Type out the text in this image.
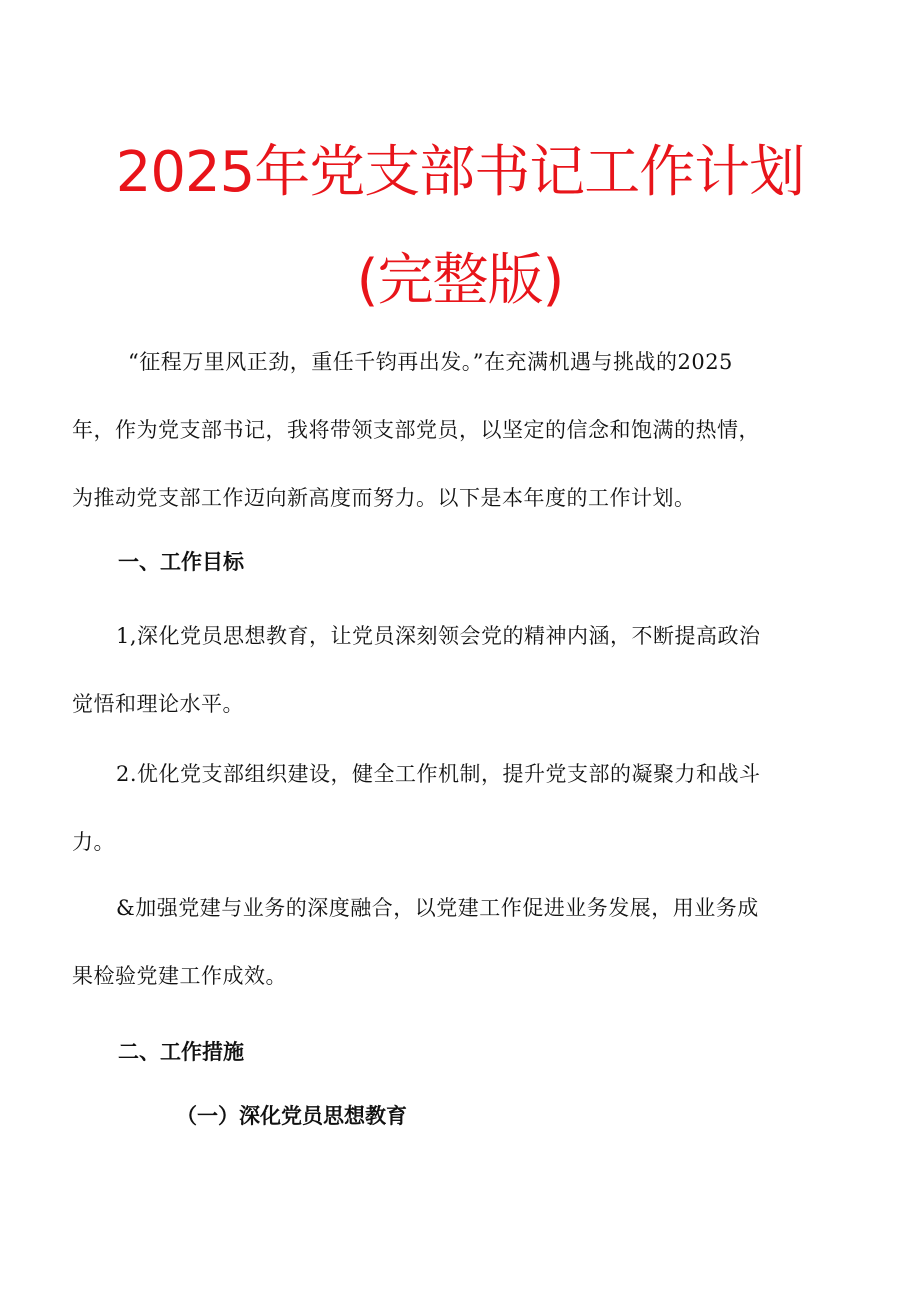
2025年党支部书记工作计划
(完整版)
“征程万里风正劲，重任千钧再出发。”在充满机遇与挑战的2025
年，作为党支部书记，我将带领支部党员，以坚定的信念和饱满的热情，
为推动党支部工作迈向新高度而努力。以下是本年度的工作计划。
一、工作目标
1,深化党员思想教育，让党员深刻领会党的精神内涵，不断提高政治
觉悟和理论水平。
2.优化党支部组织建设，健全工作机制，提升党支部的凝聚力和战斗
力。
&加强党建与业务的深度融合，以党建工作促进业务发展，用业务成
果检验党建工作成效。
二、工作措施
（一）深化党员思想教育
